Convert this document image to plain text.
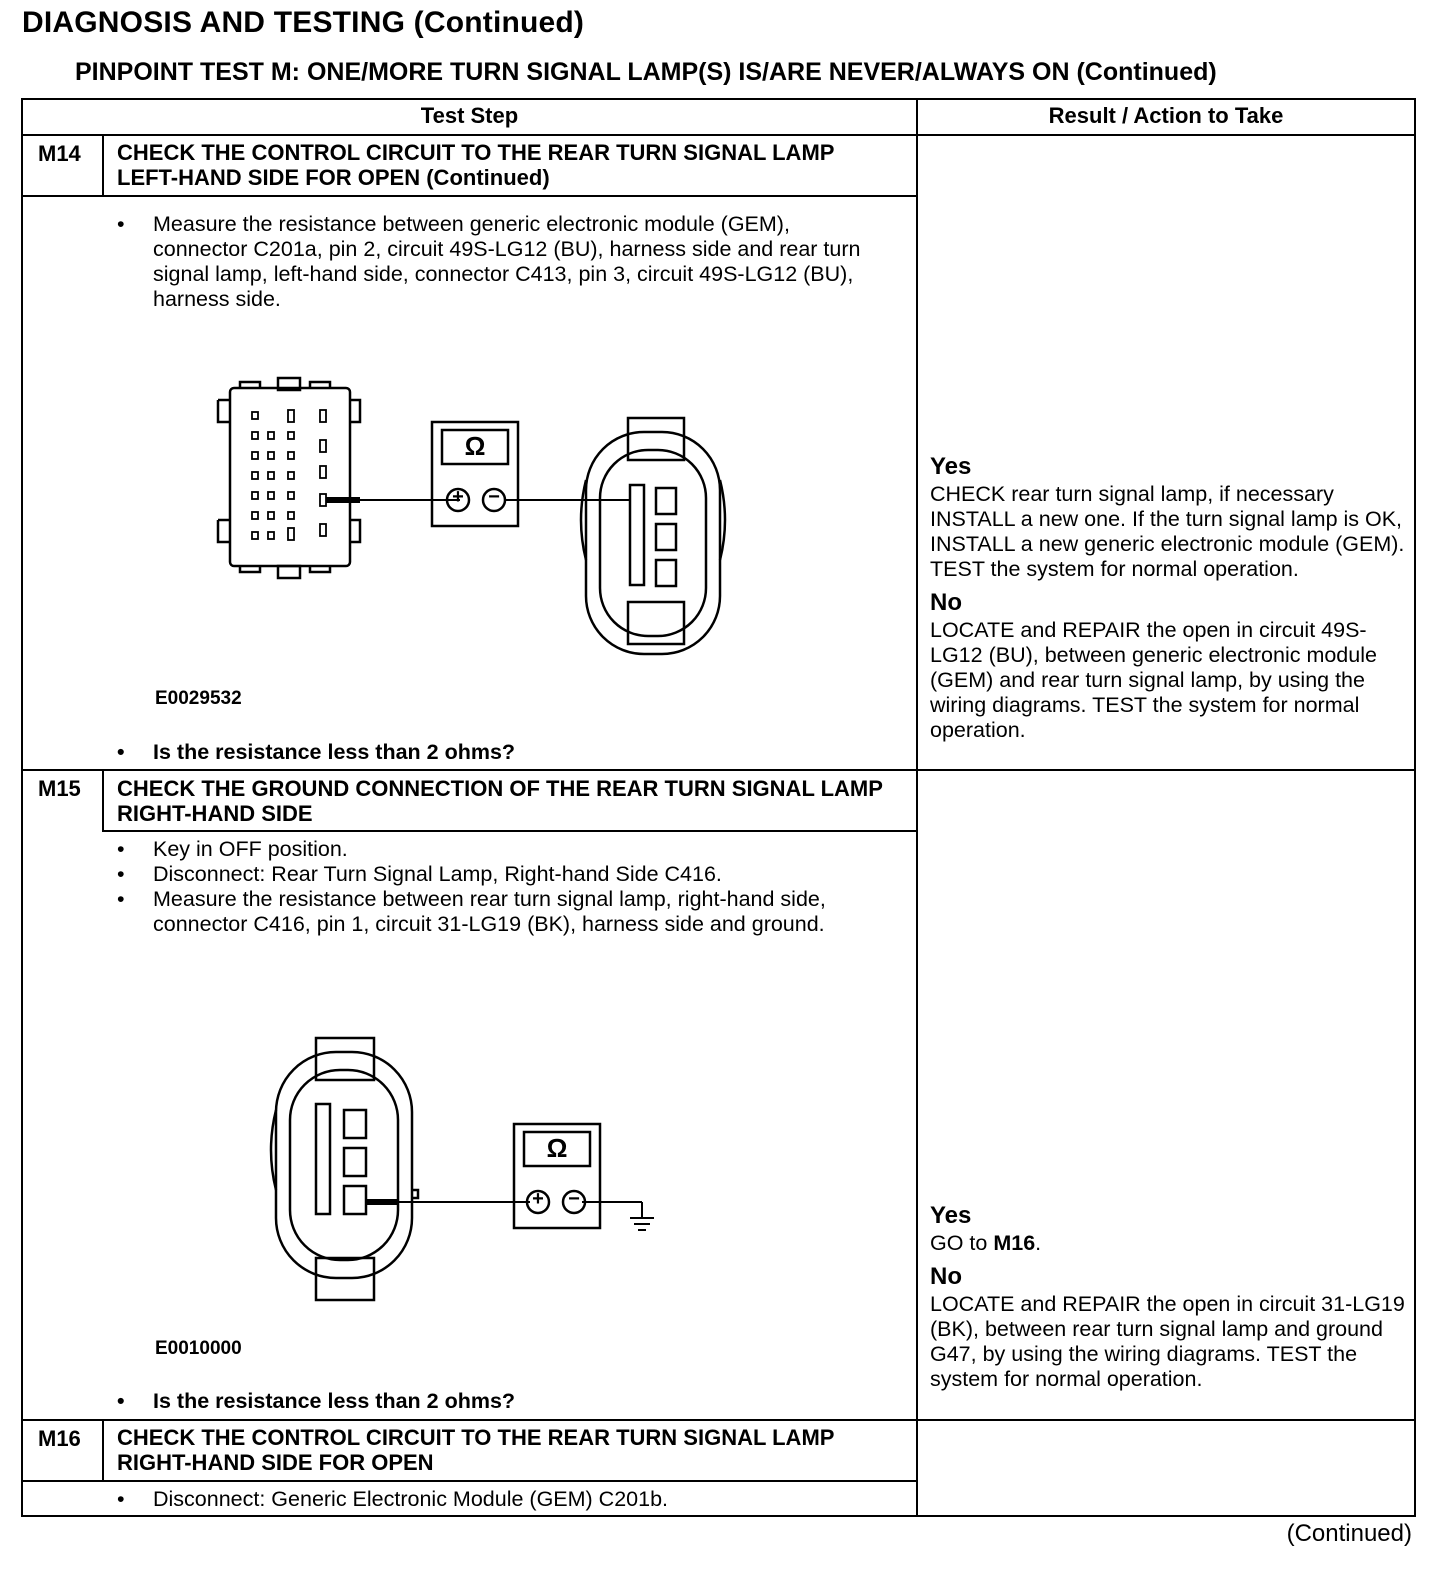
DIAGNOSIS AND TESTING (Continued)
PINPOINT TEST M: ONE/MORE TURN SIGNAL LAMP(S) IS/ARE NEVER/ALWAYS ON (Continued)
Test Step	Result / Action to Take
M14 CHECK THE CONTROL CIRCUIT TO THE REAR TURN SIGNAL LAMP LEFT-HAND SIDE FOR OPEN (Continued)
• Measure the resistance between generic electronic module (GEM), connector C201a, pin 2, circuit 49S-LG12 (BU), harness side and rear turn signal lamp, left-hand side, connector C413, pin 3, circuit 49S-LG12 (BU), harness side.
Ω
+ −
E0029532
• Is the resistance less than 2 ohms?
Yes

CHECK rear turn signal lamp, if necessary INSTALL a new one. If the turn signal lamp is OK, INSTALL a new generic electronic module (GEM). TEST the system for normal operation.

No

LOCATE and REPAIR the open in circuit 49S-LG12 (BU), between generic electronic module (GEM) and rear turn signal lamp, by using the wiring diagrams. TEST the system for normal operation.

M15 CHECK THE GROUND CONNECTION OF THE REAR TURN SIGNAL LAMP RIGHT-HAND SIDE
• Key in OFF position.
• Disconnect: Rear Turn Signal Lamp, Right-hand Side C416.
• Measure the resistance between rear turn signal lamp, right-hand side, connector C416, pin 1, circuit 31-LG19 (BK), harness side and ground.
Ω
+ −
E0010000
• Is the resistance less than 2 ohms?
Yes

GO to M16.

No

LOCATE and REPAIR the open in circuit 31-LG19 (BK), between rear turn signal lamp and ground G47, by using the wiring diagrams. TEST the system for normal operation.

M16 CHECK THE CONTROL CIRCUIT TO THE REAR TURN SIGNAL LAMP RIGHT-HAND SIDE FOR OPEN
• Disconnect: Generic Electronic Module (GEM) C201b.
(Continued)
